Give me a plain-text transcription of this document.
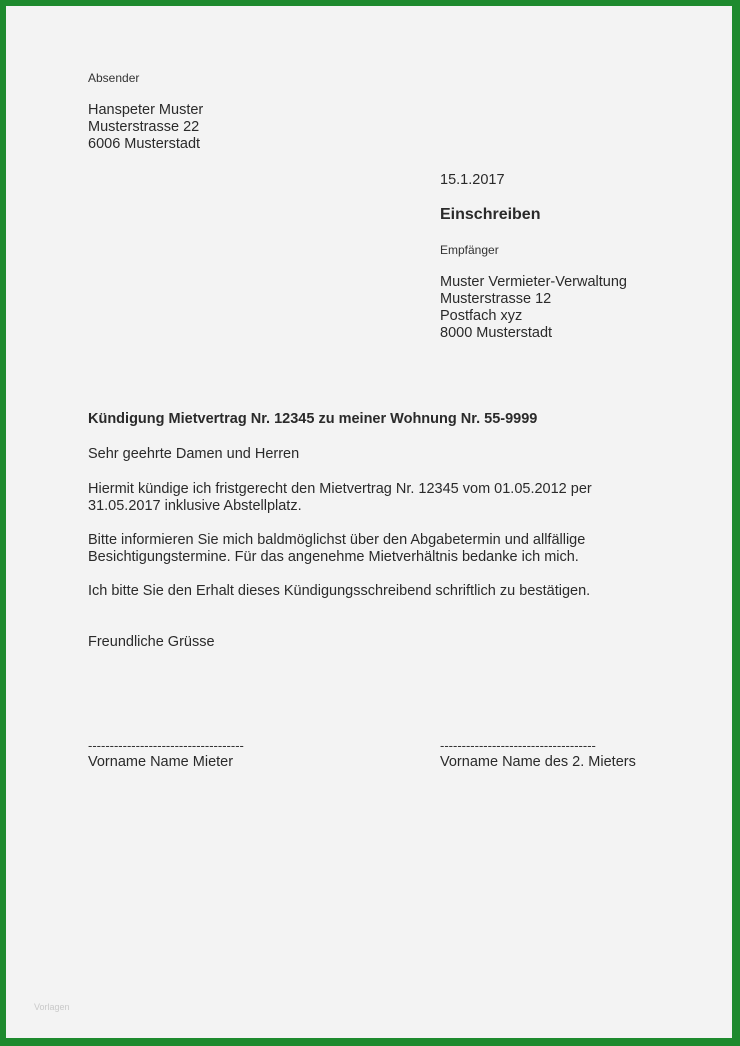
Absender
Hanspeter Muster
Musterstrasse 22
6006 Musterstadt
15.1.2017
Einschreiben
Empfänger
Muster Vermieter-Verwaltung
Musterstrasse 12
Postfach xyz
8000 Musterstadt
Kündigung Mietvertrag Nr. 12345 zu meiner Wohnung Nr. 55-9999
Sehr geehrte Damen und Herren
Hiermit kündige ich fristgerecht den Mietvertrag Nr. 12345 vom 01.05.2012 per
31.05.2017 inklusive Abstellplatz.
Bitte informieren Sie mich baldmöglichst über den Abgabetermin und allfällige
Besichtigungstermine. Für das angenehme Mietverhältnis bedanke ich mich.
Ich bitte Sie den Erhalt dieses Kündigungsschreibend schriftlich zu bestätigen.
Freundliche Grüsse
------------------------------------
Vorname Name Mieter
------------------------------------
Vorname Name des 2. Mieters
Vorlagen
